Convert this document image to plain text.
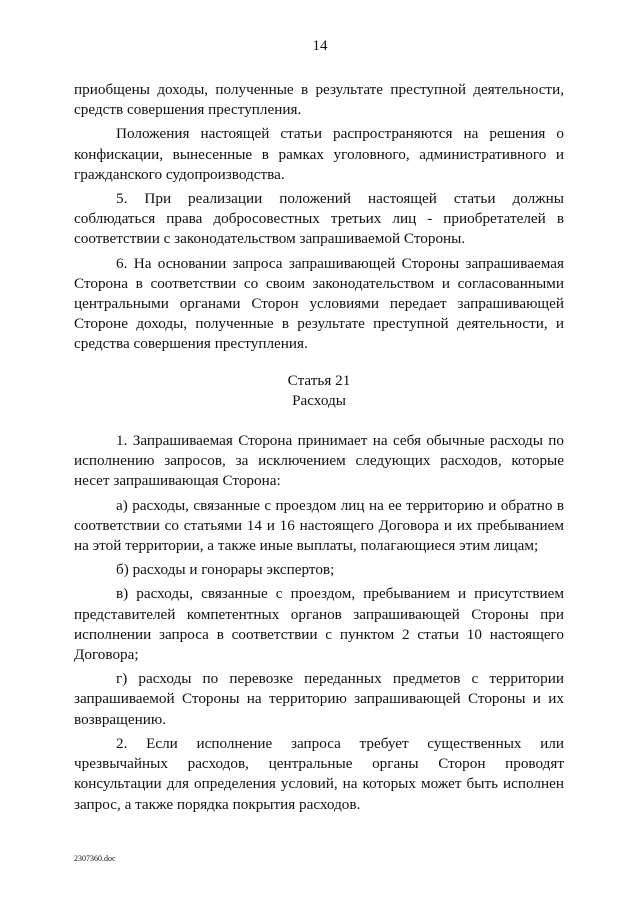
14

приобщены доходы, полученные в результате преступной деятельности, средств совершения преступления.

Положения настоящей статьи распространяются на решения о конфискации, вынесенные в рамках уголовного, административного и гражданского судопроизводства.

5. При реализации положений настоящей статьи должны соблюдаться права добросовестных третьих лиц - приобретателей в соответствии с законодательством запрашиваемой Стороны.

6. На основании запроса запрашивающей Стороны запрашиваемая Сторона в соответствии со своим законодательством и согласованными центральными органами Сторон условиями передает запрашивающей Стороне доходы, полученные в результате преступной деятельности, и средства совершения преступления.

Статья 21
Расходы

1. Запрашиваемая Сторона принимает на себя обычные расходы по исполнению запросов, за исключением следующих расходов, которые несет запрашивающая Сторона:

а) расходы, связанные с проездом лиц на ее территорию и обратно в соответствии со статьями 14 и 16 настоящего Договора и их пребыванием на этой территории, а также иные выплаты, полагающиеся этим лицам;

б) расходы и гонорары экспертов;

в) расходы, связанные с проездом, пребыванием и присутствием представителей компетентных органов запрашивающей Стороны при исполнении запроса в соответствии с пунктом 2 статьи 10 настоящего Договора;

г) расходы по перевозке переданных предметов с территории запрашиваемой Стороны на территорию запрашивающей Стороны и их возвращению.

2. Если исполнение запроса требует существенных или чрезвычайных расходов, центральные органы Сторон проводят консультации для определения условий, на которых может быть исполнен запрос, а также порядка покрытия расходов.

2307360.doc
